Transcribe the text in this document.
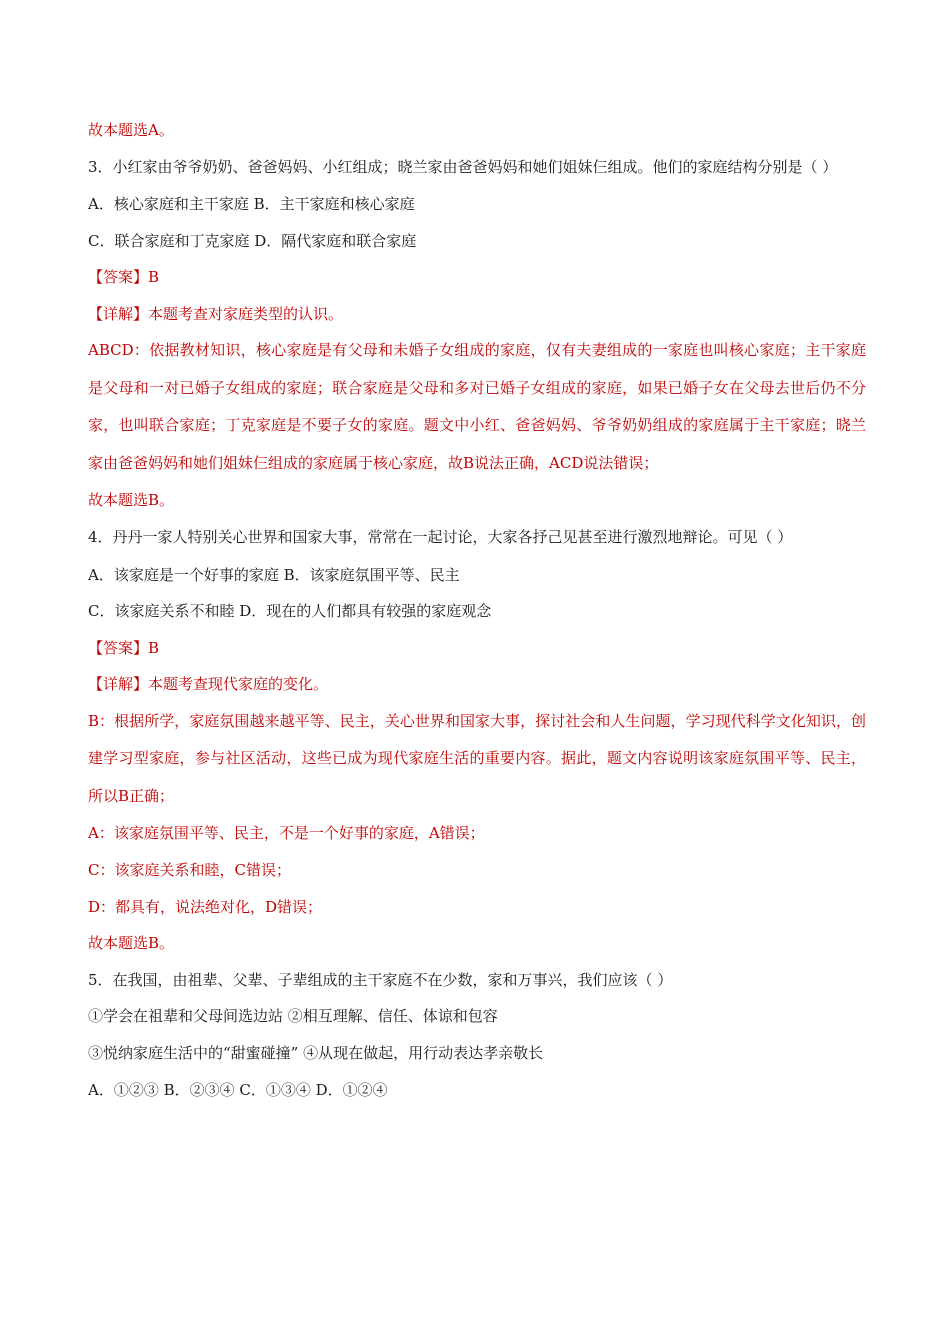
故本题选A。
3．小红家由爷爷奶奶、爸爸妈妈、小红组成；晓兰家由爸爸妈妈和她们姐妹仨组成。他们的家庭结构分别是（ ）
A．核心家庭和主干家庭 B．主干家庭和核心家庭
C．联合家庭和丁克家庭 D．隔代家庭和联合家庭
【答案】B
【详解】本题考查对家庭类型的认识。
ABCD：依据教材知识，核心家庭是有父母和未婚子女组成的家庭，仅有夫妻组成的一家庭也叫核心家庭；主干家庭是父母和一对已婚子女组成的家庭；联合家庭是父母和多对已婚子女组成的家庭，如果已婚子女在父母去世后仍不分家，也叫联合家庭；丁克家庭是不要子女的家庭。题文中小红、爸爸妈妈、爷爷奶奶组成的家庭属于主干家庭；晓兰家由爸爸妈妈和她们姐妹仨组成的家庭属于核心家庭，故B说法正确，ACD说法错误；
故本题选B。
4．丹丹一家人特别关心世界和国家大事，常常在一起讨论，大家各抒己见甚至进行激烈地辩论。可见（ ）
A．该家庭是一个好事的家庭 B．该家庭氛围平等、民主
C．该家庭关系不和睦 D．现在的人们都具有较强的家庭观念
【答案】B
【详解】本题考查现代家庭的变化。
B：根据所学，家庭氛围越来越平等、民主，关心世界和国家大事，探讨社会和人生问题，学习现代科学文化知识，创建学习型家庭，参与社区活动，这些已成为现代家庭生活的重要内容。据此，题文内容说明该家庭氛围平等、民主，所以B正确；
A：该家庭氛围平等、民主，不是一个好事的家庭，A错误；
C：该家庭关系和睦，C错误；
D：都具有，说法绝对化，D错误；
故本题选B。
5．在我国，由祖辈、父辈、子辈组成的主干家庭不在少数，家和万事兴，我们应该（ ）
①学会在祖辈和父母间选边站 ②相互理解、信任、体谅和包容
③悦纳家庭生活中的“甜蜜碰撞” ④从现在做起，用行动表达孝亲敬长
A．①②③ B．②③④ C．①③④ D．①②④
